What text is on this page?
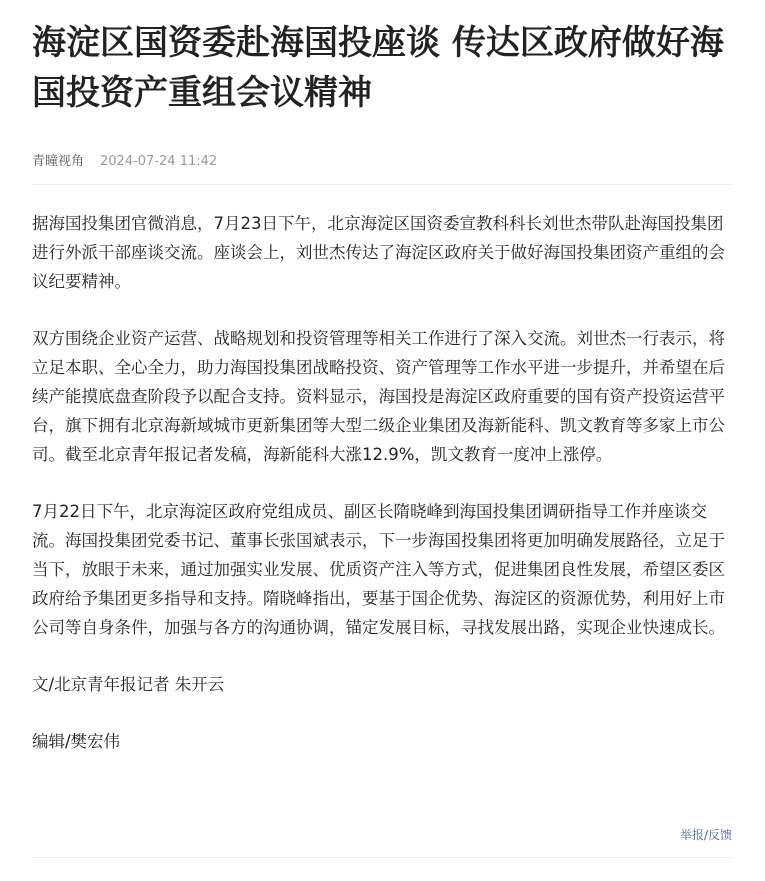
海淀区国资委赴海国投座谈 传达区政府做好海国投资产重组会议精神
青瞳视角 2024-07-24 11:42

据海国投集团官微消息，7月23日下午，北京海淀区国资委宣教科科长刘世杰带队赴海国投集团进行外派干部座谈交流。座谈会上，刘世杰传达了海淀区政府关于做好海国投集团资产重组的会议纪要精神。

双方围绕企业资产运营、战略规划和投资管理等相关工作进行了深入交流。刘世杰一行表示，将立足本职、全心全力，助力海国投集团战略投资、资产管理等工作水平进一步提升，并希望在后续产能摸底盘查阶段予以配合支持。资料显示，海国投是海淀区政府重要的国有资产投资运营平台，旗下拥有北京海新域城市更新集团等大型二级企业集团及海新能科、凯文教育等多家上市公司。截至北京青年报记者发稿，海新能科大涨12.9%，凯文教育一度冲上涨停。

7月22日下午，北京海淀区政府党组成员、副区长隋晓峰到海国投集团调研指导工作并座谈交流。海国投集团党委书记、董事长张国斌表示，下一步海国投集团将更加明确发展路径，立足于当下，放眼于未来，通过加强实业发展、优质资产注入等方式，促进集团良性发展，希望区委区政府给予集团更多指导和支持。隋晓峰指出，要基于国企优势、海淀区的资源优势，利用好上市公司等自身条件，加强与各方的沟通协调，锚定发展目标，寻找发展出路，实现企业快速成长。

文/北京青年报记者 朱开云

编辑/樊宏伟

举报/反馈
